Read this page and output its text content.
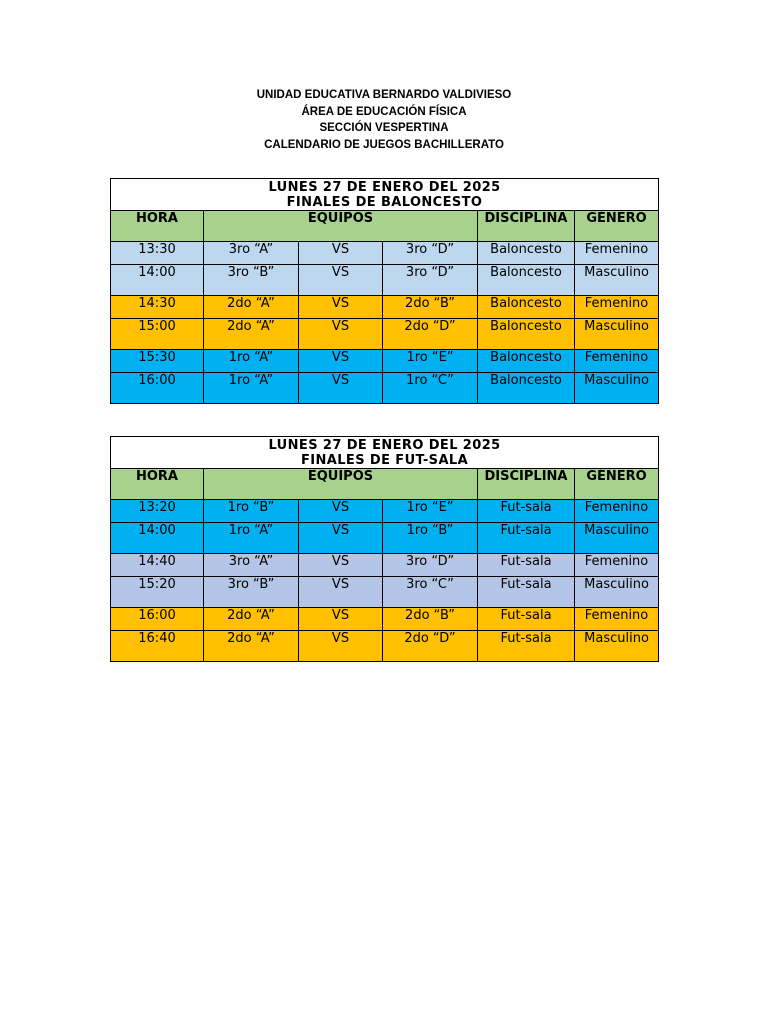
UNIDAD EDUCATIVA BERNARDO VALDIVIESO
ÁREA DE EDUCACIÓN FÍSICA
SECCIÓN VESPERTINA
CALENDARIO DE JUEGOS BACHILLERATO
LUNES 27 DE ENERO DEL 2025
FINALES DE BALONCESTO					

HORA	EQUIPOS			DISCIPLINA	GÉNERO
13:30	3ro “A”	VS	3ro “D”	Baloncesto	Femenino
14:00	3ro “B”	VS	3ro “D”	Baloncesto	Masculino
14:30	2do “A”	VS	2do “B”	Baloncesto	Femenino
15:00	2do “A”	VS	2do “D”	Baloncesto	Masculino
15:30	1ro “A”	VS	1ro “E”	Baloncesto	Femenino
16:00	1ro “A”	VS	1ro “C”	Baloncesto	Masculino
LUNES 27 DE ENERO DEL 2025
FINALES DE FUT-SALA					

HORA	EQUIPOS			DISCIPLINA	GÉNERO
13:20	1ro “B”	VS	1ro “E”	Fut-sala	Femenino
14:00	1ro “A”	VS	1ro “B”	Fut-sala	Masculino
14:40	3ro “A”	VS	3ro “D”	Fut-sala	Femenino
15:20	3ro “B”	VS	3ro “C”	Fut-sala	Masculino
16:00	2do “A”	VS	2do “B”	Fut-sala	Femenino
16:40	2do “A”	VS	2do “D”	Fut-sala	Masculino
